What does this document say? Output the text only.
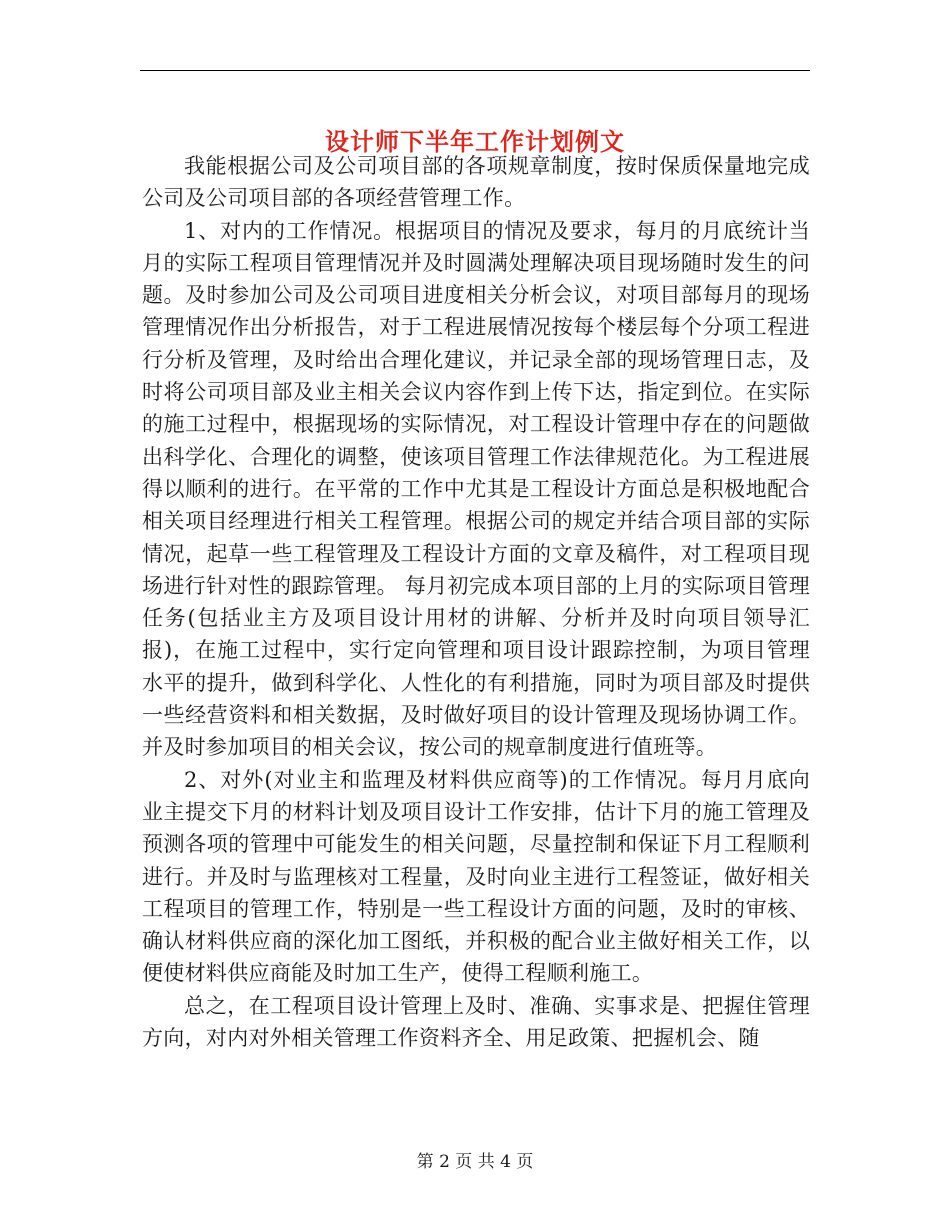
设计师下半年工作计划例文

我能根据公司及公司项目部的各项规章制度，按时保质保量地完成公司及公司项目部的各项经营管理工作。

1、对内的工作情况。根据项目的情况及要求，每月的月底统计当月的实际工程项目管理情况并及时圆满处理解决项目现场随时发生的问题。及时参加公司及公司项目进度相关分析会议，对项目部每月的现场管理情况作出分析报告，对于工程进展情况按每个楼层每个分项工程进行分析及管理，及时给出合理化建议，并记录全部的现场管理日志，及时将公司项目部及业主相关会议内容作到上传下达，指定到位。在实际的施工过程中，根据现场的实际情况，对工程设计管理中存在的问题做出科学化、合理化的调整，使该项目管理工作法律规范化。为工程进展得以顺利的进行。在平常的工作中尤其是工程设计方面总是积极地配合相关项目经理进行相关工程管理。根据公司的规定并结合项目部的实际情况，起草一些工程管理及工程设计方面的文章及稿件，对工程项目现场进行针对性的跟踪管理。 每月初完成本项目部的上月的实际项目管理任务(包括业主方及项目设计用材的讲解、分析并及时向项目领导汇报)，在施工过程中，实行定向管理和项目设计跟踪控制，为项目管理水平的提升，做到科学化、人性化的有利措施，同时为项目部及时提供一些经营资料和相关数据，及时做好项目的设计管理及现场协调工作。并及时参加项目的相关会议，按公司的规章制度进行值班等。

2、对外(对业主和监理及材料供应商等)的工作情况。每月月底向业主提交下月的材料计划及项目设计工作安排，估计下月的施工管理及预测各项的管理中可能发生的相关问题，尽量控制和保证下月工程顺利进行。并及时与监理核对工程量，及时向业主进行工程签证，做好相关工程项目的管理工作，特别是一些工程设计方面的问题，及时的审核、确认材料供应商的深化加工图纸，并积极的配合业主做好相关工作，以便使材料供应商能及时加工生产，使得工程顺利施工。

总之，在工程项目设计管理上及时、准确、实事求是、把握住管理方向，对内对外相关管理工作资料齐全、用足政策、把握机会、随

第 2 页 共 4 页
